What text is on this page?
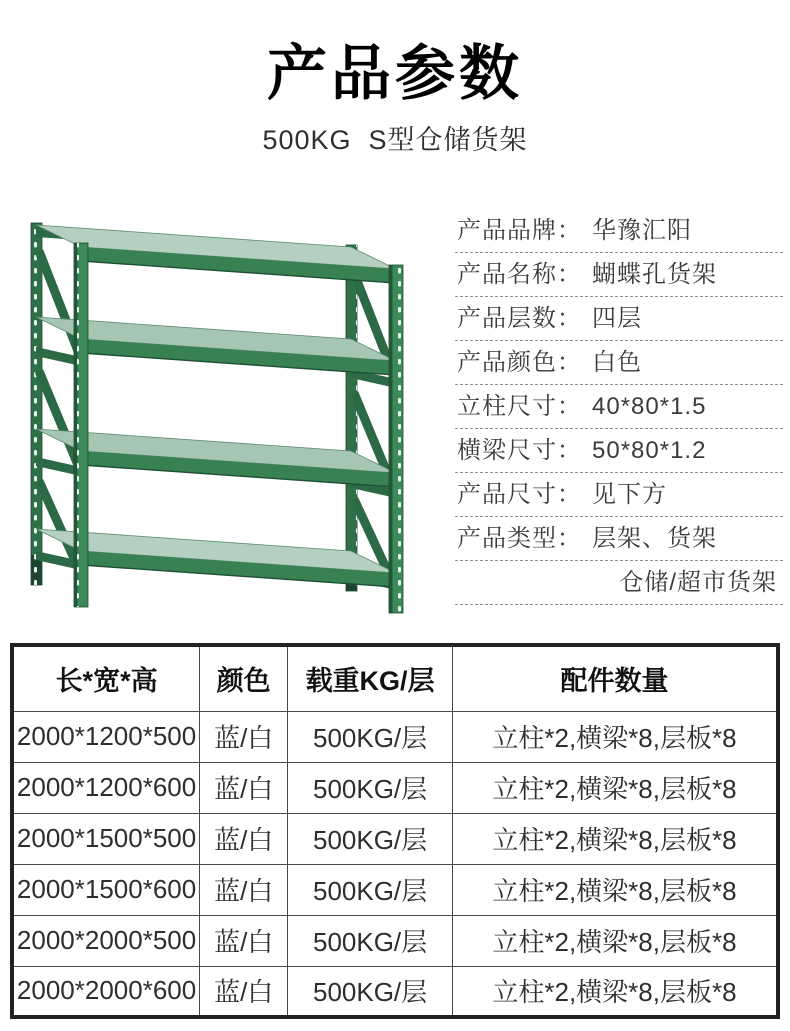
产品参数
500KG  S型仓储货架
产品品牌： 华豫汇阳
产品名称： 蝴蝶孔货架
产品层数： 四层
产品颜色： 白色
立柱尺寸： 40*80*1.5
横梁尺寸： 50*80*1.2
产品尺寸： 见下方
产品类型： 层架、货架
仓储/超市货架
长*宽*高	颜色	载重KG/层	配件数量
2000*1200*500	蓝/白	500KG/层	立柱*2,横梁*8,层板*8
2000*1200*600	蓝/白	500KG/层	立柱*2,横梁*8,层板*8
2000*1500*500	蓝/白	500KG/层	立柱*2,横梁*8,层板*8
2000*1500*600	蓝/白	500KG/层	立柱*2,横梁*8,层板*8
2000*2000*500	蓝/白	500KG/层	立柱*2,横梁*8,层板*8
2000*2000*600	蓝/白	500KG/层	立柱*2,横梁*8,层板*8
